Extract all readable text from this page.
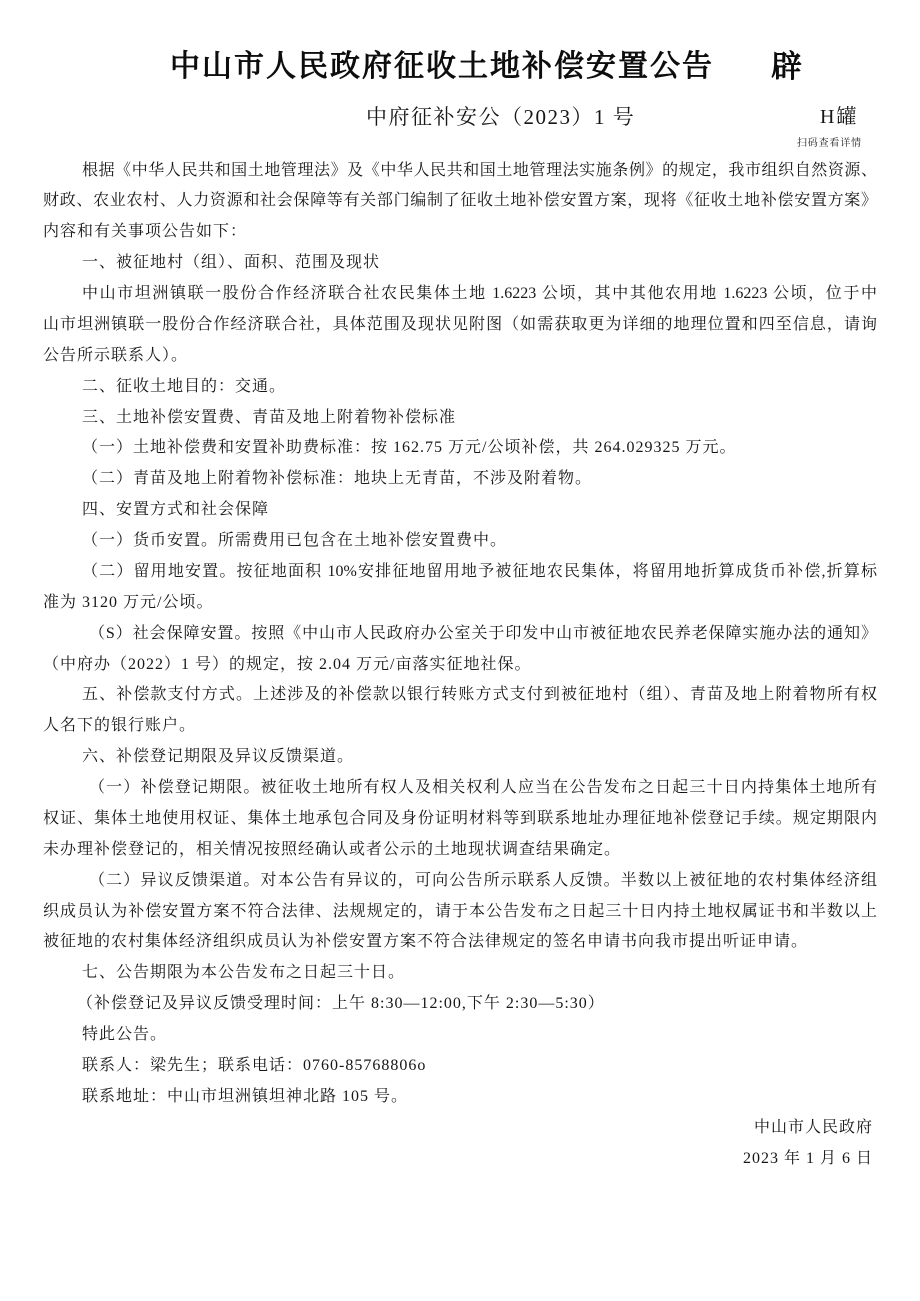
中山市人民政府征收土地补偿安置公告 辟
中府征补安公（2023）1 号	H罐
扫码查看详情
根据《中华人民共和国土地管理法》及《中华人民共和国土地管理法实施条例》的规定，我市组织自然资源、
财政、农业农村、人力资源和社会保障等有关部门编制了征收土地补偿安置方案，现将《征收土地补偿安置方案》
内容和有关事项公告如下：
一、被征地村（组）、面积、范围及现状
中山市坦洲镇联一股份合作经济联合社农民集体土地 1.6223 公顷，其中其他农用地 1.6223 公顷，位于中
山市坦洲镇联一股份合作经济联合社，具体范围及现状见附图（如需获取更为详细的地理位置和四至信息，请询
公告所示联系人）。
二、征收土地目的：交通。
三、土地补偿安置费、青苗及地上附着物补偿标准
（一）土地补偿费和安置补助费标准：按 162.75 万元/公顷补偿，共 264.029325 万元。
（二）青苗及地上附着物补偿标准：地块上无青苗，不涉及附着物。
四、安置方式和社会保障
（一）货币安置。所需费用已包含在土地补偿安置费中。
（二）留用地安置。按征地面积 10%安排征地留用地予被征地农民集体，将留用地折算成货币补偿,折算标
准为 3120 万元/公顷。
（S）社会保障安置。按照《中山市人民政府办公室关于印发中山市被征地农民养老保障实施办法的通知》
（中府办（2022）1 号）的规定，按 2.04 万元/亩落实征地社保。
五、补偿款支付方式。上述涉及的补偿款以银行转账方式支付到被征地村（组）、青苗及地上附着物所有权
人名下的银行账户。
六、补偿登记期限及异议反馈渠道。
（一）补偿登记期限。被征收土地所有权人及相关权利人应当在公告发布之日起三十日内持集体土地所有
权证、集体土地使用权证、集体土地承包合同及身份证明材料等到联系地址办理征地补偿登记手续。规定期限内
未办理补偿登记的，相关情况按照经确认或者公示的土地现状调查结果确定。
（二）异议反馈渠道。对本公告有异议的，可向公告所示联系人反馈。半数以上被征地的农村集体经济组
织成员认为补偿安置方案不符合法律、法规规定的，请于本公告发布之日起三十日内持土地权属证书和半数以上
被征地的农村集体经济组织成员认为补偿安置方案不符合法律规定的签名申请书向我市提出听证申请。
七、公告期限为本公告发布之日起三十日。
（补偿登记及异议反馈受理时间：上午 8:30—12:00,下午 2:30—5:30）
特此公告。
联系人：梁先生；联系电话：0760-85768806o
联系地址：中山市坦洲镇坦神北路 105 号。
中山市人民政府
2023 年 1 月 6 日
